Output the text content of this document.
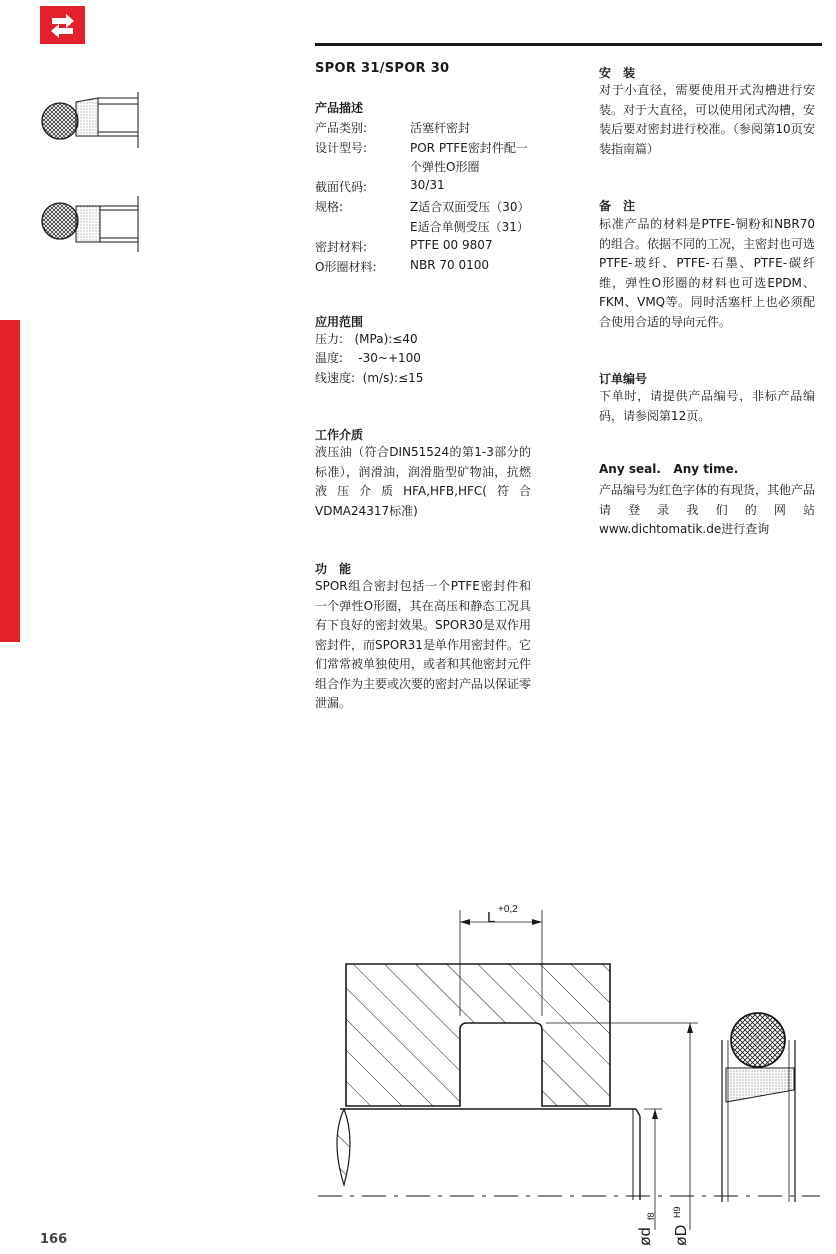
SPOR 31/SPOR 30
产品描述
产品类别:	活塞杆密封
设计型号:	POR PTFE密封件配一
个弹性O形圈
截面代码:	30/31
规格:	Z适合双面受压（30）
E适合单侧受压（31）
密封材料:	PTFE 00 9807
O形圈材料:	NBR 70 0100
应用范围
压力:   (MPa):≤40
温度:    -30~+100
线速度:  (m/s):≤15
工作介质
液压油（符合DIN51524的第1-3部分的标准），润滑油，润滑脂型矿物油，抗燃液压介质HFA,HFB,HFC(符合 VDMA24317标准)
功　能
SPOR组合密封包括一个PTFE密封件和一个弹性O形圈，其在高压和静态工况具有下良好的密封效果。SPOR30是双作用密封件，而SPOR31是单作用密封件。它们常常被单独使用，或者和其他密封元件组合作为主要或次要的密封产品以保证零泄漏。
安　装
对于小直径，需要使用开式沟槽进行安装。对于大直径，可以使用闭式沟槽，安装后要对密封进行校准。（参阅第10页安装指南篇）
备　注
标准产品的材料是PTFE-铜粉和NBR70的组合。依据不同的工况，主密封也可选PTFE-玻纤、PTFE-石墨、PTFE-碳纤维，弹性O形圈的材料也可选EPDM、FKM、VMQ等。同时活塞杆上也必须配合使用合适的导向元件。
订单编号
下单时，请提供产品编号，非标产品编码，请参阅第12页。
Any seal.   Any time.
产品编号为红色字体的有现货，其他产品请登录我们的网站 www.dichtomatik.de进行查询
L +0,2
ød
f8
øD
H9
166
